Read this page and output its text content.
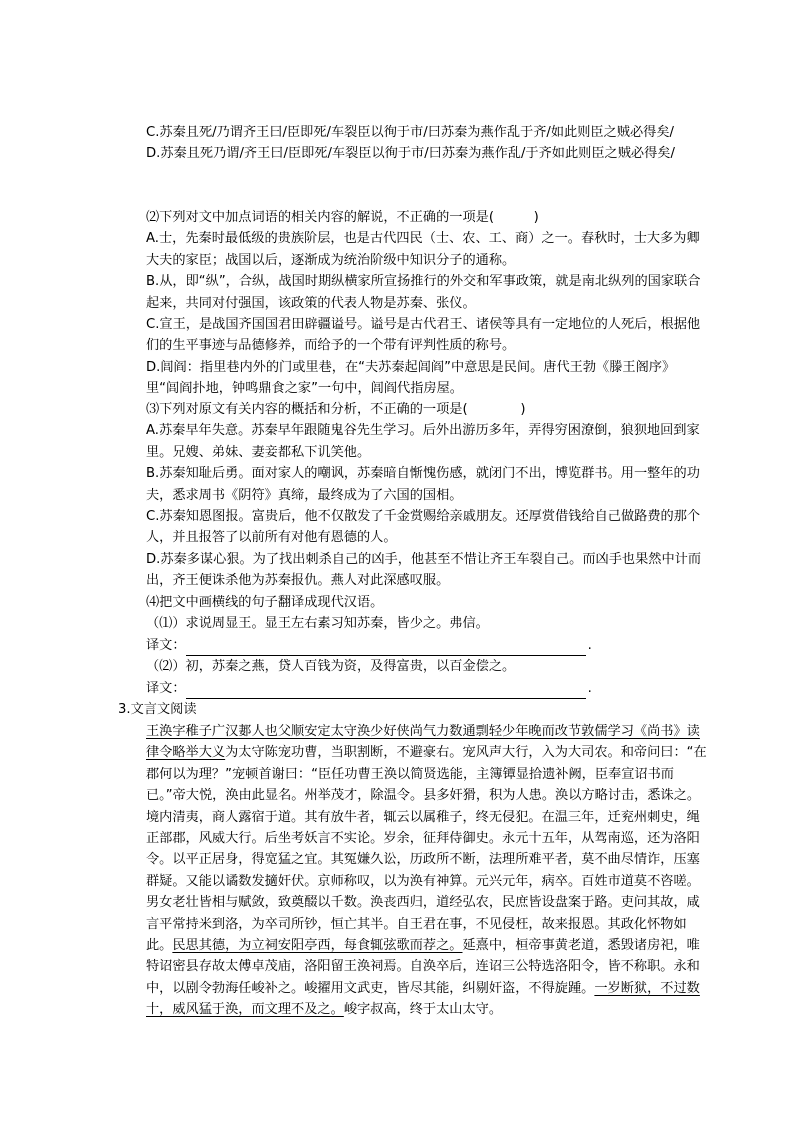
C.苏秦且死/乃谓齐王曰/臣即死/车裂臣以徇于市/曰苏秦为燕作乱于齐/如此则臣之贼必得矣/

D.苏秦且死乃谓/齐王曰/臣即死/车裂臣以徇于市/曰苏秦为燕作乱/于齐如此则臣之贼必得矣/

⑵下列对文中加点词语的相关内容的解说，不正确的一项是(　　　)

A.士，先秦时最低级的贵族阶层，也是古代四民（士、农、工、商）之一。春秋时，士大多为卿大夫的家臣；战国以后，逐渐成为统治阶级中知识分子的通称。

B.从，即“纵”，合纵，战国时期纵横家所宣扬推行的外交和军事政策，就是南北纵列的国家联合起来，共同对付强国，该政策的代表人物是苏秦、张仪。

C.宣王，是战国齐国国君田辟疆谥号。谥号是古代君王、诸侯等具有一定地位的人死后，根据他们的生平事迹与品德修养，而给予的一个带有评判性质的称号。

D.闾阎：指里巷内外的门或里巷，在“夫苏秦起闾阎”中意思是民间。唐代王勃《滕王阁序》里“闾阎扑地，钟鸣鼎食之家”一句中，闾阎代指房屋。

⑶下列对原文有关内容的概括和分析，不正确的一项是(　　　　)

A.苏秦早年失意。苏秦早年跟随鬼谷先生学习。后外出游历多年，弄得穷困潦倒，狼狈地回到家里。兄嫂、弟妹、妻妾都私下讥笑他。

B.苏秦知耻后勇。面对家人的嘲讽，苏秦暗自惭愧伤感，就闭门不出，博览群书。用一整年的功夫，悉求周书《阴符》真缔，最终成为了六国的国相。

C.苏秦知恩图报。富贵后，他不仅散发了千金赏赐给亲戚朋友。还厚赏借钱给自己做路费的那个人，并且报答了以前所有对他有恩德的人。

D.苏秦多谋心狠。为了找出刺杀自己的凶手，他甚至不惜让齐王车裂自己。而凶手也果然中计而出，齐王便诛杀他为苏秦报仇。燕人对此深感叹服。

⑷把文中画横线的句子翻译成现代汉语。

（⑴）求说周显王。显王左右素习知苏秦，皆少之。弗信。

译文：	.

（⑵）初，苏秦之燕，贷人百钱为资，及得富贵，以百金偿之。

译文：	.

3.文言文阅读

王涣字稚子广汉郪人也父顺安定太守涣少好侠尚气力数通剽轻少年晚而改节敦儒学习《尚书》读律令略举大义为太守陈宠功曹，当职割断，不避豪右。宠风声大行，入为大司农。和帝问曰：“在郡何以为理？”宠顿首谢曰：“臣任功曹王涣以简贤选能，主簿镡显拾遗补阙，臣奉宣诏书而已。”帝大悦，涣由此显名。州举茂才，除温令。县多奸猾，积为人患。涣以方略讨击，悉诛之。境内清夷，商人露宿于道。其有放牛者，辄云以属稚子，终无侵犯。在温三年，迁兖州刺史，绳正部郡，风威大行。后坐考妖言不实论。岁余，征拜侍御史。永元十五年，从驾南巡，还为洛阳令。以平正居身，得宽猛之宜。其冤嫌久讼，历政所不断，法理所难平者，莫不曲尽情诈，压塞群疑。又能以谲数发擿奸伏。京师称叹，以为涣有神算。元兴元年，病卒。百姓市道莫不咨嗟。男女老壮皆相与赋敛，致奠醊以千数。涣丧西归，道经弘农，民庶皆设盘案于路。吏问其故，咸言平常持米到洛，为卒司所钞，恒亡其半。自王君在事，不见侵枉，故来报恩。其政化怀物如此。民思其德，为立祠安阳亭西，每食辄弦歌而荐之。延熹中，桓帝事黄老道，悉毁诸房祀，唯特诏密县存故太傅卓茂庙，洛阳留王涣祠焉。自涣卒后，连诏三公特选洛阳令，皆不称职。永和中，以剧令勃海任峻补之。峻擢用文武吏，皆尽其能，纠剔奸盗，不得旋踵。一岁断狱，不过数十，威风猛于涣，而文理不及之。峻字叔高，终于太山太守。
